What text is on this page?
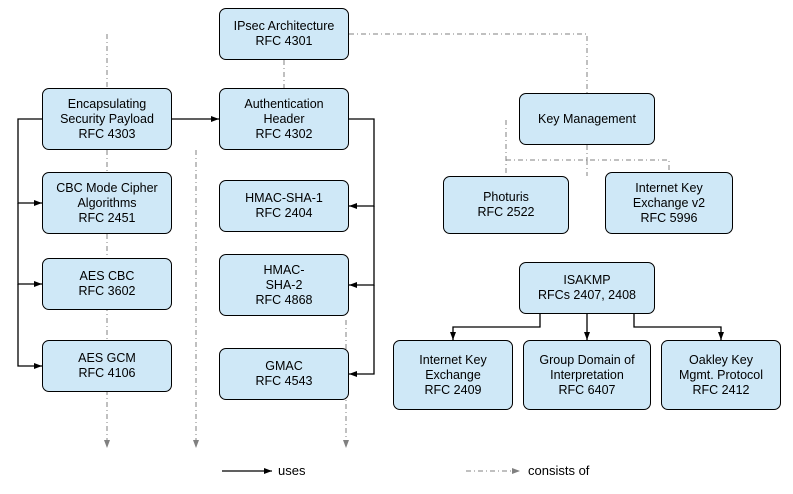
IPsec Architecture
RFC 4301
Encapsulating
Security Payload
RFC 4303
Authentication
Header
RFC 4302
Key Management
CBC Mode Cipher
Algorithms
RFC 2451
HMAC-SHA-1
RFC 2404
Photuris
RFC 2522
Internet Key
Exchange v2
RFC 5996
AES CBC
RFC 3602
HMAC-
SHA-2
RFC 4868
ISAKMP
RFCs 2407, 2408
AES GCM
RFC 4106	GMAC
RFC 4543
Internet Key
Exchange
RFC 2409
Group Domain of
Interpretation
RFC 6407
Oakley Key
Mgmt. Protocol
RFC 2412
uses	consists of
